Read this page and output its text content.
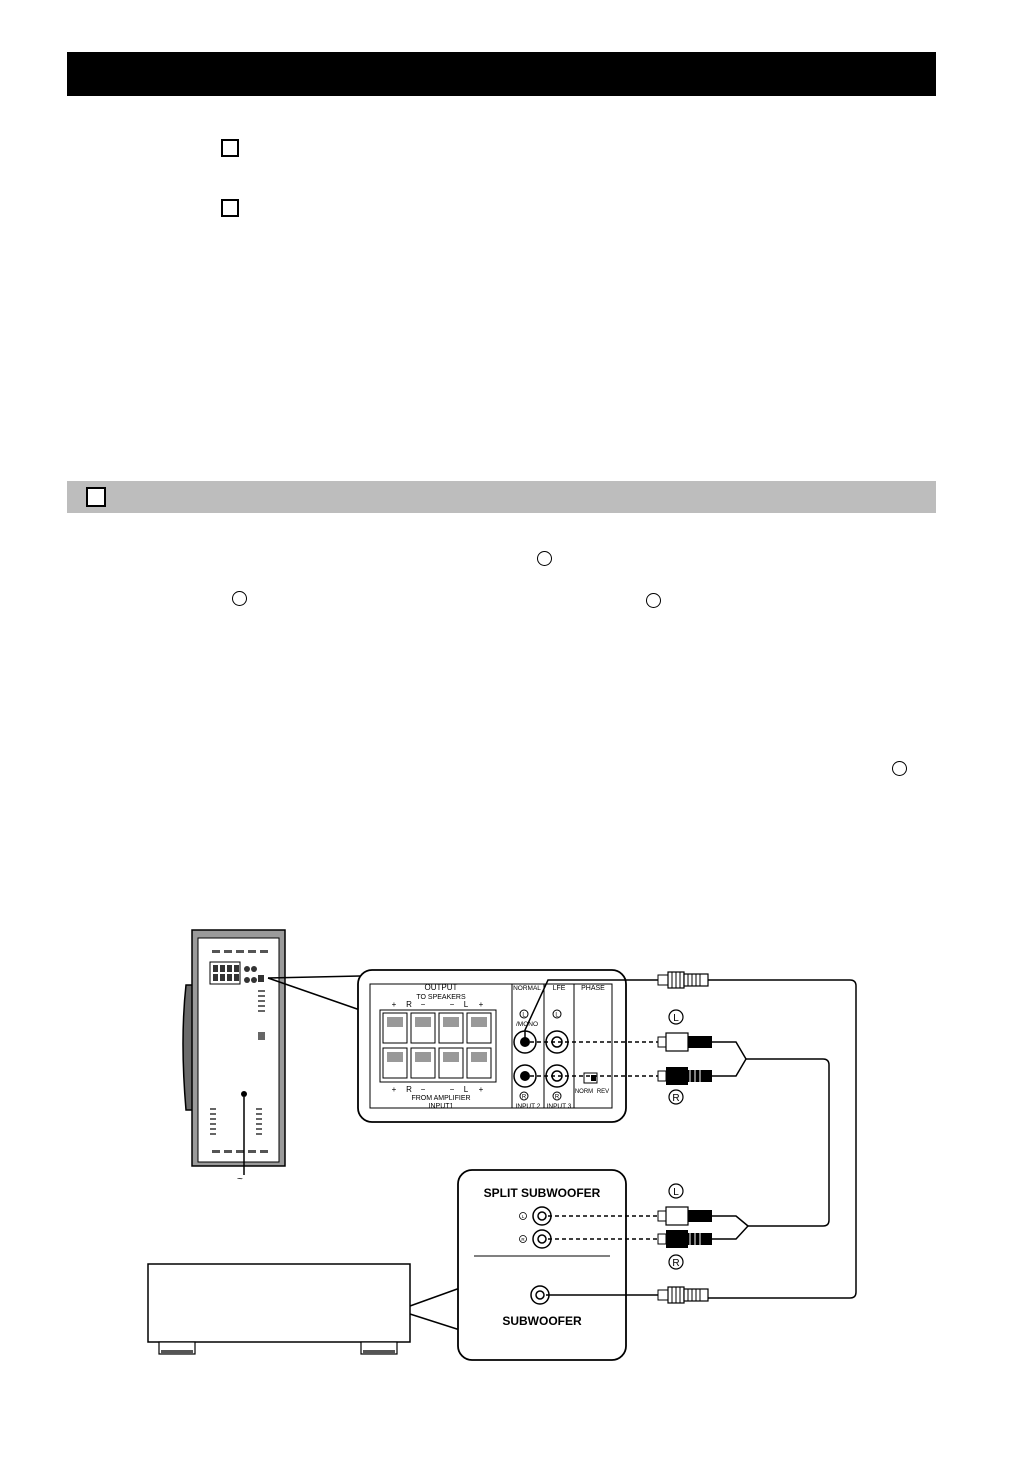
~
OUTPUT
TO SPEAKERS
+ R −	− L +
+ R −	− L +
FROM AMPLIFIER
INPUT1
NORMAL LFE PHASE
L
/MONO
L
R	R
INPUT 2 INPUT 3
NORM REV
L
R
SPLIT SUBWOOFER
L
R
SUBWOOFER
L
R
